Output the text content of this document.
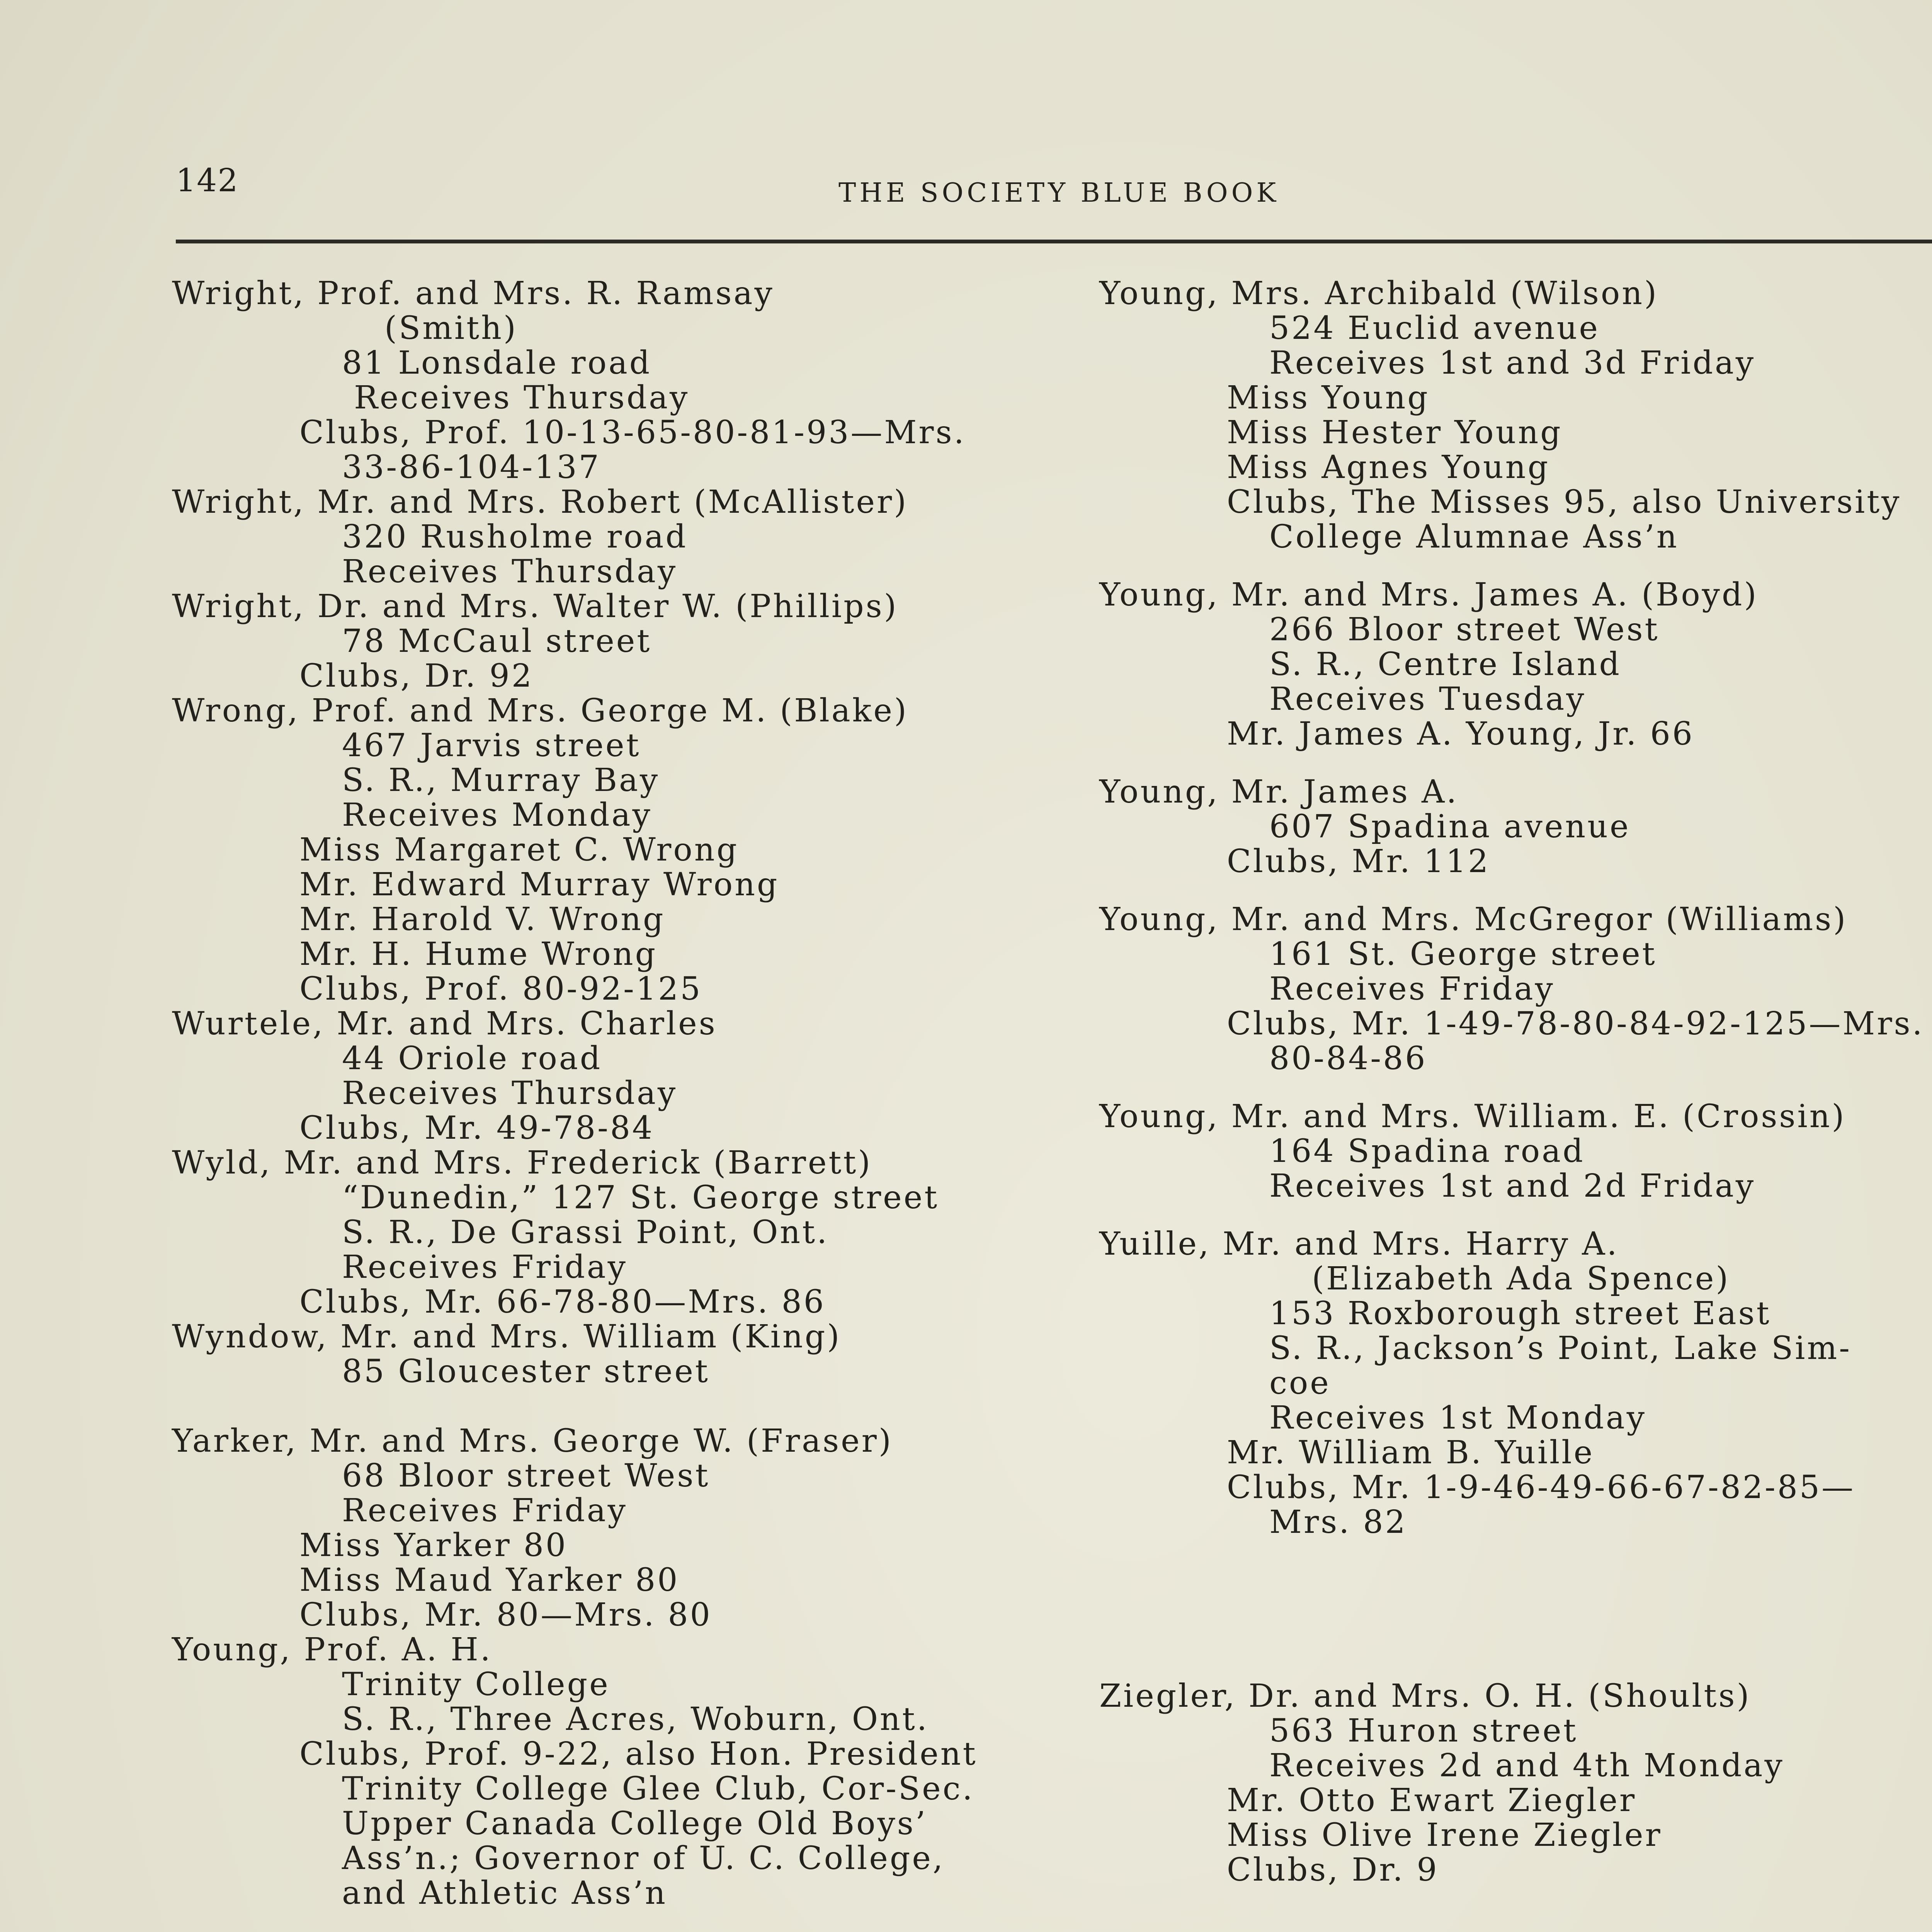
142	THE SOCIETY BLUE BOOK
Wright, Prof. and Mrs. R. Ramsay
(Smith)
81 Lonsdale road
Receives Thursday
Clubs, Prof. 10-13-65-80-81-93—Mrs.
33-86-104-137
Wright, Mr. and Mrs. Robert (McAllister)
320 Rusholme road
Receives Thursday
Wright, Dr. and Mrs. Walter W. (Phillips)
78 McCaul street
Clubs, Dr. 92
Wrong, Prof. and Mrs. George M. (Blake)
467 Jarvis street
S. R., Murray Bay
Receives Monday
Miss Margaret C. Wrong
Mr. Edward Murray Wrong
Mr. Harold V. Wrong
Mr. H. Hume Wrong
Clubs, Prof. 80-92-125
Wurtele, Mr. and Mrs. Charles
44 Oriole road
Receives Thursday
Clubs, Mr. 49-78-84
Wyld, Mr. and Mrs. Frederick (Barrett)
“Dunedin,” 127 St. George street
S. R., De Grassi Point, Ont.
Receives Friday
Clubs, Mr. 66-78-80—Mrs. 86
Wyndow, Mr. and Mrs. William (King)
85 Gloucester street
Yarker, Mr. and Mrs. George W. (Fraser)
68 Bloor street West
Receives Friday
Miss Yarker 80
Miss Maud Yarker 80
Clubs, Mr. 80—Mrs. 80
Young, Prof. A. H.
Trinity College
S. R., Three Acres, Woburn, Ont.
Clubs, Prof. 9-22, also Hon. President
Trinity College Glee Club, Cor-Sec.
Upper Canada College Old Boys’
Ass’n.; Governor of U. C. College,
and Athletic Ass’n
Young, Mrs. Archibald (Wilson)
524 Euclid avenue
Receives 1st and 3d Friday
Miss Young
Miss Hester Young
Miss Agnes Young
Clubs, The Misses 95, also University
College Alumnae Ass’n
Young, Mr. and Mrs. James A. (Boyd)
266 Bloor street West
S. R., Centre Island
Receives Tuesday
Mr. James A. Young, Jr. 66
Young, Mr. James A.
607 Spadina avenue
Clubs, Mr. 112
Young, Mr. and Mrs. McGregor (Williams)
161 St. George street
Receives Friday
Clubs, Mr. 1-49-78-80-84-92-125—Mrs.
80-84-86
Young, Mr. and Mrs. William. E. (Crossin)
164 Spadina road
Receives 1st and 2d Friday
Yuille, Mr. and Mrs. Harry A.
(Elizabeth Ada Spence)
153 Roxborough street East
S. R., Jackson’s Point, Lake Sim-
coe
Receives 1st Monday
Mr. William B. Yuille
Clubs, Mr. 1-9-46-49-66-67-82-85—
Mrs. 82
Ziegler, Dr. and Mrs. O. H. (Shoults)
563 Huron street
Receives 2d and 4th Monday
Mr. Otto Ewart Ziegler
Miss Olive Irene Ziegler
Clubs, Dr. 9
